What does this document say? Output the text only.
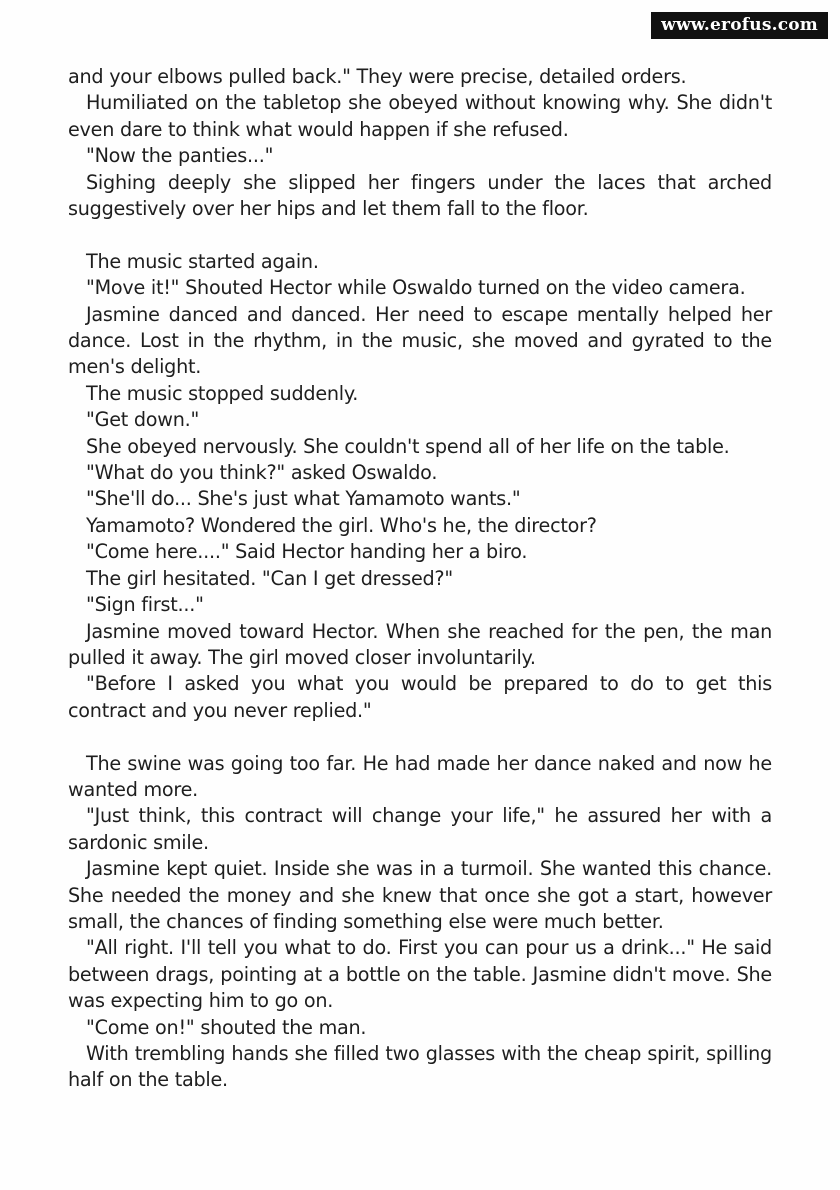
www.erofus.com

and your elbows pulled back." They were precise, detailed orders.

Humiliated on the tabletop she obeyed without knowing why. She didn't even dare to think what would happen if she refused.

"Now the panties..."

Sighing deeply she slipped her fingers under the laces that arched suggestively over her hips and let them fall to the floor.

The music started again.

"Move it!" Shouted Hector while Oswaldo turned on the video camera.

Jasmine danced and danced. Her need to escape mentally helped her dance. Lost in the rhythm, in the music, she moved and gyrated to the men's delight.

The music stopped suddenly.

"Get down."

She obeyed nervously. She couldn't spend all of her life on the table.

"What do you think?" asked Oswaldo.

"She'll do... She's just what Yamamoto wants."

Yamamoto? Wondered the girl. Who's he, the director?

"Come here...." Said Hector handing her a biro.

The girl hesitated. "Can I get dressed?"

"Sign first..."

Jasmine moved toward Hector. When she reached for the pen, the man pulled it away. The girl moved closer involuntarily.

"Before I asked you what you would be prepared to do to get this contract and you never replied."

The swine was going too far. He had made her dance naked and now he wanted more.

"Just think, this contract will change your life," he assured her with a sardonic smile.

Jasmine kept quiet. Inside she was in a turmoil. She wanted this chance. She needed the money and she knew that once she got a start, however small, the chances of finding something else were much better.

"All right. I'll tell you what to do. First you can pour us a drink..." He said between drags, pointing at a bottle on the table. Jasmine didn't move. She was expecting him to go on.

"Come on!" shouted the man.

With trembling hands she filled two glasses with the cheap spirit, spilling half on the table.
